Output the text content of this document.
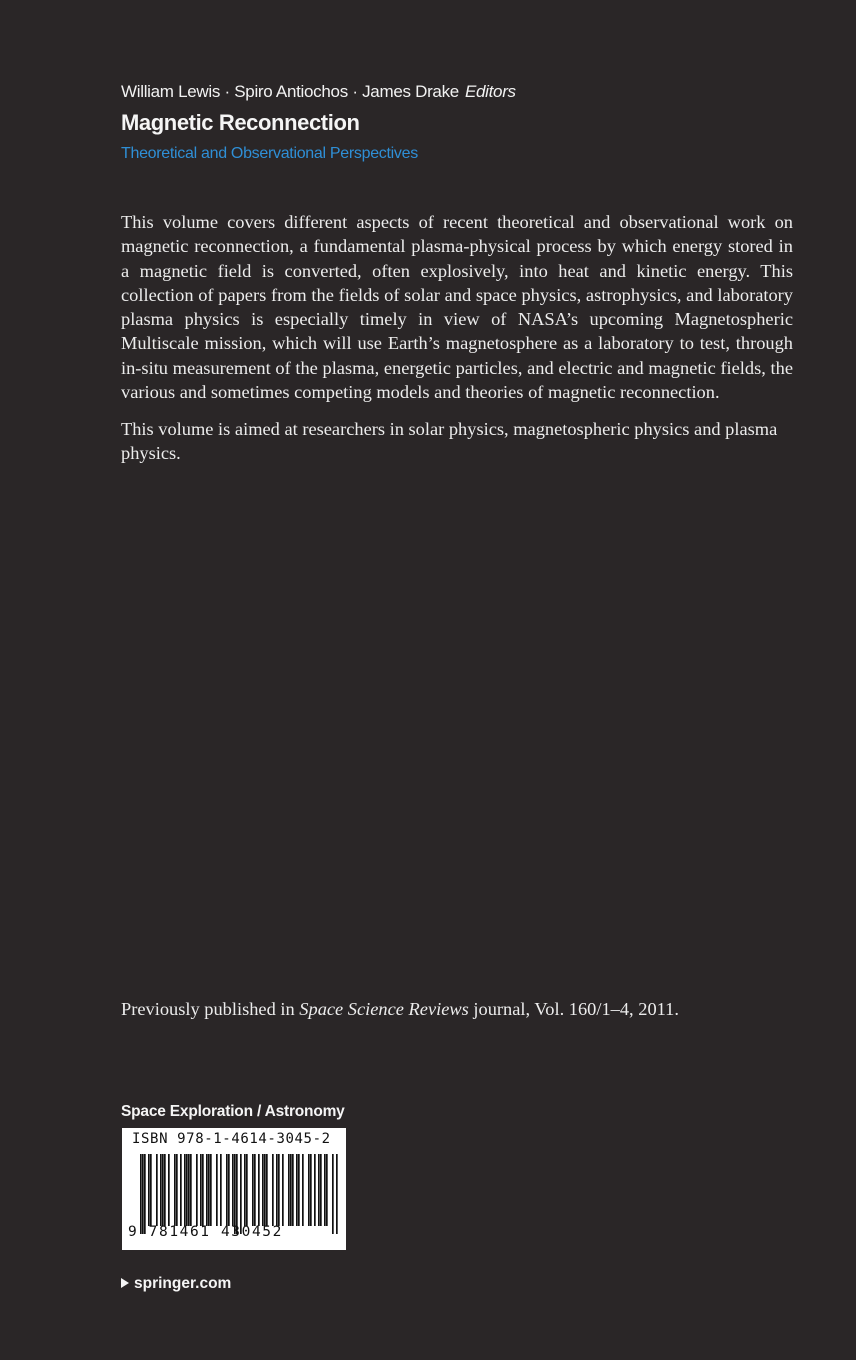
William Lewis · Spiro Antiochos · James Drake Editors
Magnetic Reconnection
Theoretical and Observational Perspectives

This volume covers different aspects of recent theoretical and observational work on magnetic reconnection, a fundamental plasma-physical process by which energy stored in a magnetic field is converted, often explosively, into heat and kinetic energy. This collection of papers from the fields of solar and space physics, astrophysics, and laboratory plasma physics is especially timely in view of NASA’s upcoming Magnetospheric Multiscale mission, which will use Earth’s magnetosphere as a laboratory to test, through in-situ measurement of the plasma, energetic particles, and electric and magnetic fields, the various and sometimes competing models and theories of magnetic reconnection.

This volume is aimed at researchers in solar physics, magnetospheric physics and plasma physics.

Previously published in Space Science Reviews journal, Vol. 160/1–4, 2011.
Space Exploration / Astronomy
ISBN 978-1-4614-3045-2
9 781461 430452
springer.com
